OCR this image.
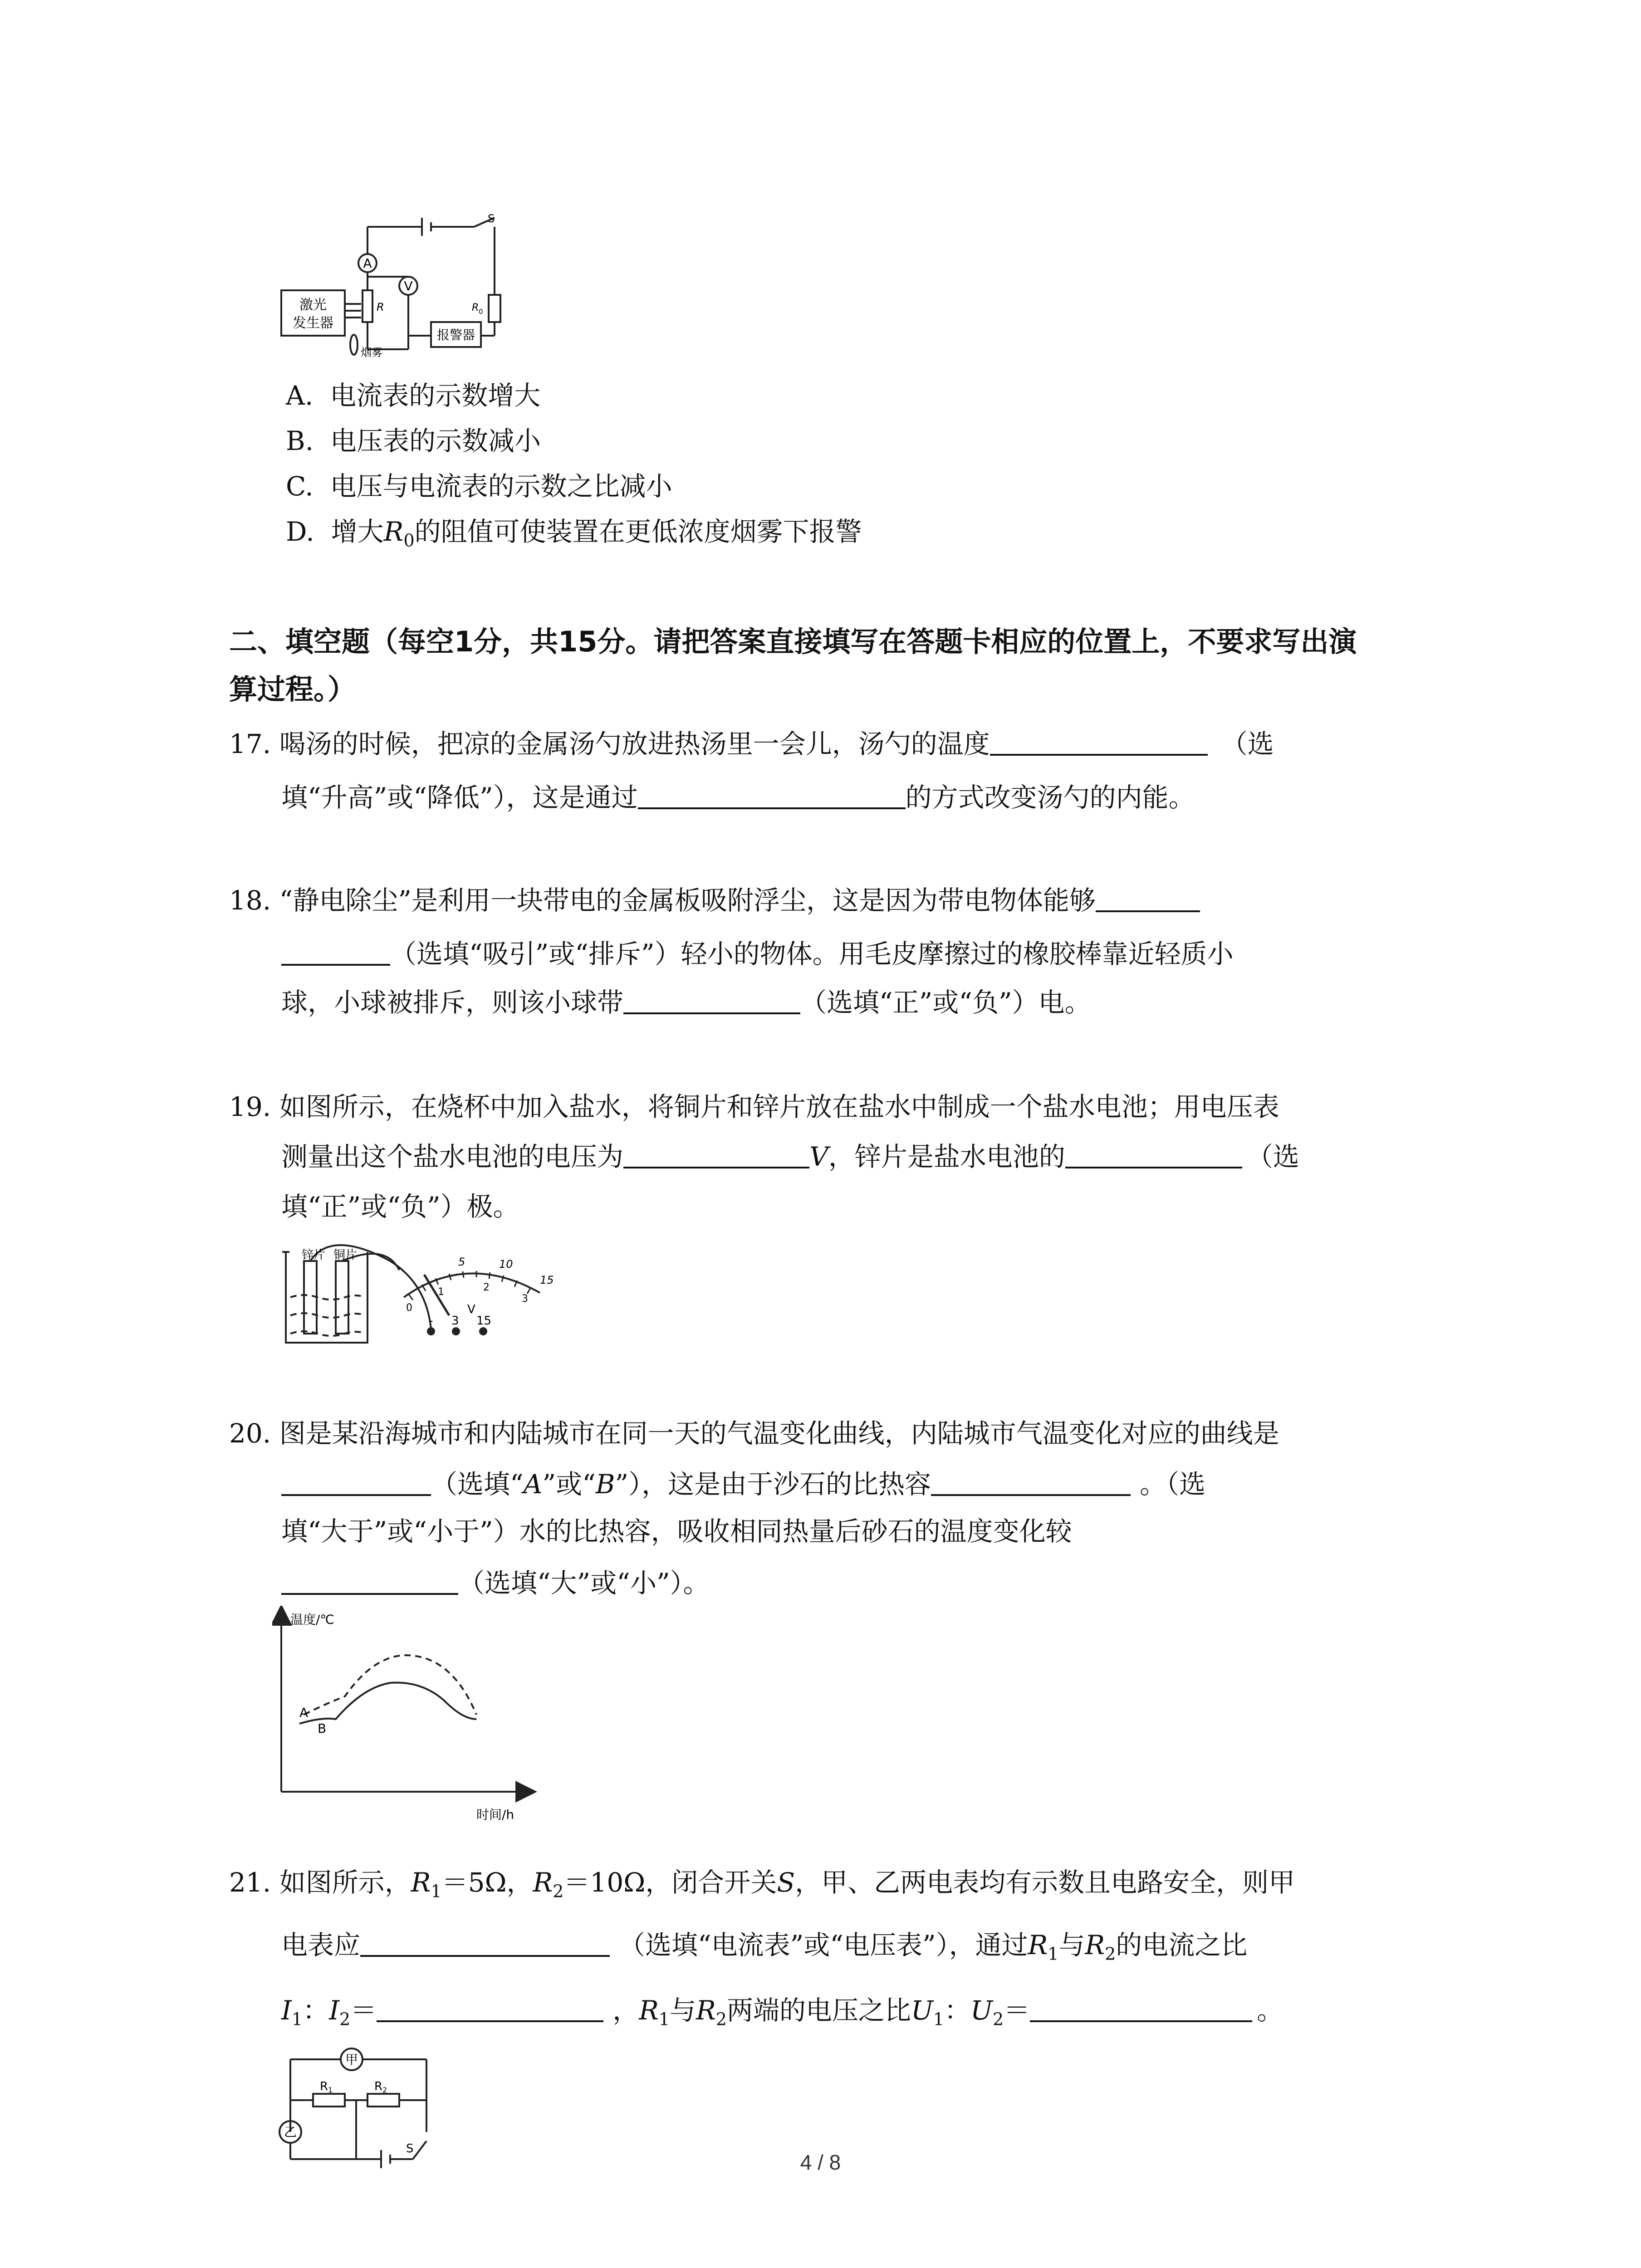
A
V
R	R 0
S
报警器
激光
发生器
烟雾
A. 电流表的示数增大
B. 电压表的示数减小
C. 电压与电流表的示数之比减小
D. 增大$R_0$的阻值可使装置在更低浓度烟雾下报警
二、填空题（每空1分，共15分。请把答案直接填写在答题卡相应的位置上，不要求写出演
算过程。）
17. 喝汤的时候，把凉的金属汤勺放进热汤里一会儿，汤勺的温度	（选
填“升高”或“降低”），这是通过	的方式改变汤勺的内能。
18. “静电除尘”是利用一块带电的金属板吸附浮尘，这是因为带电物体能够
（选填“吸引”或“排斥”）轻小的物体。用毛皮摩擦过的橡胶棒靠近轻质小
球，小球被排斥，则该小球带	（选填“正”或“负”）电。
19. 如图所示，在烧杯中加入盐水，将铜片和锌片放在盐水中制成一个盐水电池；用电压表
测量出这个盐水电池的电压为	V，锌片是盐水电池的	（选
填“正”或“负”）极。
锌片 铜片	5	10
15
1	2
3
0	V
- 3 15
20. 图是某沿海城市和内陆城市在同一天的气温变化曲线，内陆城市气温变化对应的曲线是
（选填“A”或“B”），这是由于沙石的比热容	。（选
填“大于”或“小于”）水的比热容，吸收相同热量后砂石的温度变化较
（选填“大”或“小”）。
温度/℃
时间/h
A
B
21. 如图所示，$R_1=5\Omega$，$R_2=10\Omega$，闭合开关S，甲、乙两电表均有示数且电路安全，则甲
电表应	（选填“电流表”或“电压表”），通过$R_1$与$R_2$的电流之比
$I_1$：$I_2=$	，$R_1$与$R_2$两端的电压之比$U_1$：$U_2=$	。
甲
乙
R 1	R 2
S
4 / 8
